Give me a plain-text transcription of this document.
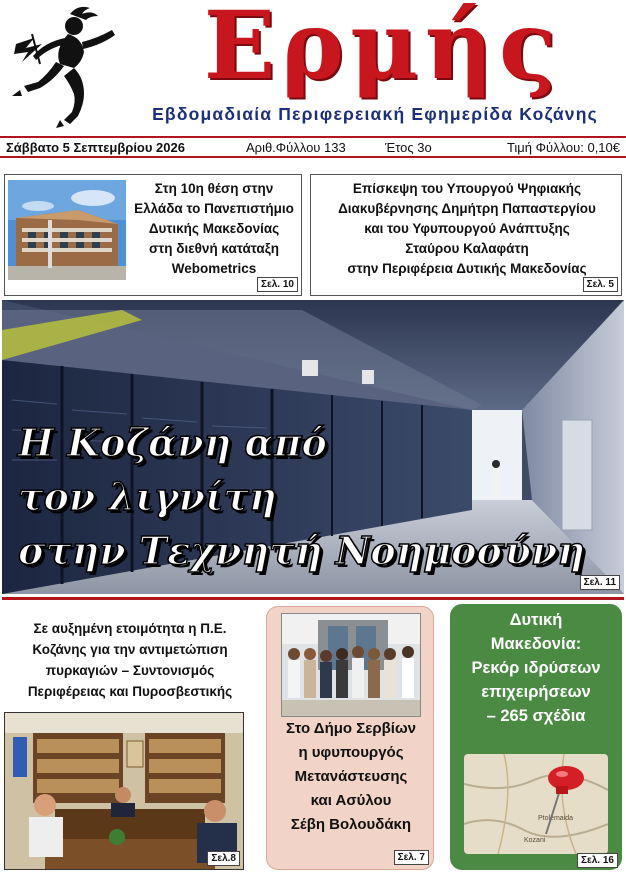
Ερμής
Εβδομαδιαία Περιφερειακή Εφημερίδα Κοζάνης
Σάββατο 5 Σεπτεμβρίου 2026	Αριθ.Φύλλου 133	Έτος 3ο	Τιμή Φύλλου: 0,10€
Στη 10η θέση στην
Ελλάδα το Πανεπιστήμιο
Δυτικής Μακεδονίας
στη διεθνή κατάταξη
Webometrics
Σελ. 10
Επίσκεψη του Υπουργού Ψηφιακής
Διακυβέρνησης Δημήτρη Παπαστεργίου
και του Υφυπουργού Ανάπτυξης
Σταύρου Καλαφάτη
στην Περιφέρεια Δυτικής Μακεδονίας
Σελ. 5
Η Κοζάνη από
τον λιγνίτη
στην Τεχνητή Νοημοσύνη
Σελ. 11
Σε αυξημένη ετοιμότητα η Π.Ε.
Κοζάνης για την αντιμετώπιση
πυρκαγιών – Συντονισμός
Περιφέρειας και Πυροσβεστικής
Σελ.8
Στο Δήμο Σερβίων
η υφυπουργός
Μετανάστευσης
και Ασύλου
Σέβη Βολουδάκη
Σελ. 7
Δυτική
Μακεδονία:
Ρεκόρ ιδρύσεων
επιχειρήσεων
– 265 σχέδια
Ptolemaida
Kozani
Σελ. 16
